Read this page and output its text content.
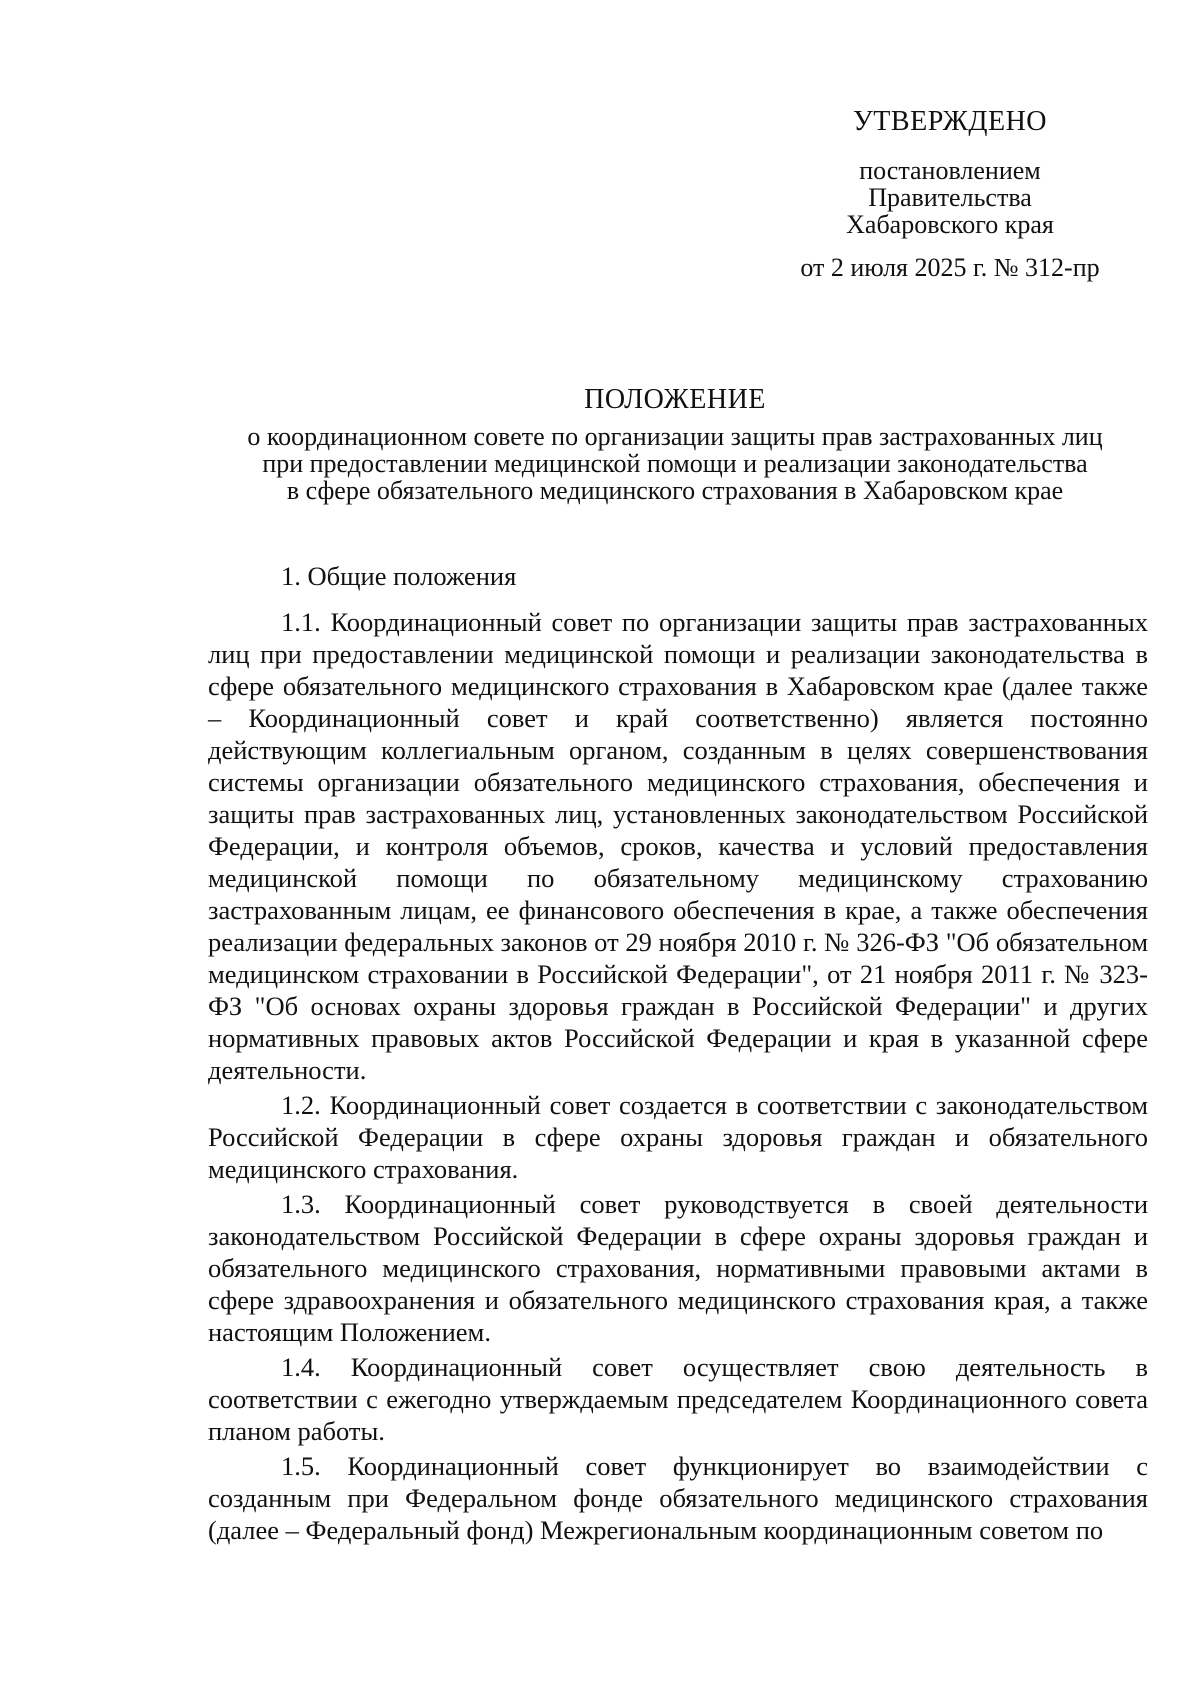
УТВЕРЖДЕНО
постановлением
Правительства
Хабаровского края
от 2 июля 2025 г. № 312-пр
ПОЛОЖЕНИЕ
о координационном совете по организации защиты прав застрахованных лиц
при предоставлении медицинской помощи и реализации законодательства
в сфере обязательного медицинского страхования в Хабаровском крае
1. Общие положения

1.1. Координационный совет по организации защиты прав застрахованных лиц при предоставлении медицинской помощи и реализации законодательства в сфере обязательного медицинского страхования в Хабаровском крае (далее также – Координационный совет и край соответственно) является постоянно действующим коллегиальным органом, созданным в целях совершенствования системы организации обязательного медицинского страхования, обеспечения и защиты прав застрахованных лиц, установленных законодательством Российской Федерации, и контроля объемов, сроков, качества и условий предоставления медицинской помощи по обязательному медицинскому страхованию застрахованным лицам, ее финансового обеспечения в крае, а также обеспечения реализации федеральных законов от 29 ноября 2010 г. № 326-ФЗ "Об обязательном медицинском страховании в Российской Федерации", от 21 ноября 2011 г. № 323-ФЗ "Об основах охраны здоровья граждан в Российской Федерации" и других нормативных правовых актов Российской Федерации и края в указанной сфере деятельности.

1.2. Координационный совет создается в соответствии с законодательством Российской Федерации в сфере охраны здоровья граждан и обязательного медицинского страхования.

1.3. Координационный совет руководствуется в своей деятельности законодательством Российской Федерации в сфере охраны здоровья граждан и обязательного медицинского страхования, нормативными правовыми актами в сфере здравоохранения и обязательного медицинского страхования края, а также настоящим Положением.

1.4. Координационный совет осуществляет свою деятельность в соответствии с ежегодно утверждаемым председателем Координационного совета планом работы.

1.5. Координационный совет функционирует во взаимодействии с созданным при Федеральном фонде обязательного медицинского страхования (далее – Федеральный фонд) Межрегиональным координационным советом по
